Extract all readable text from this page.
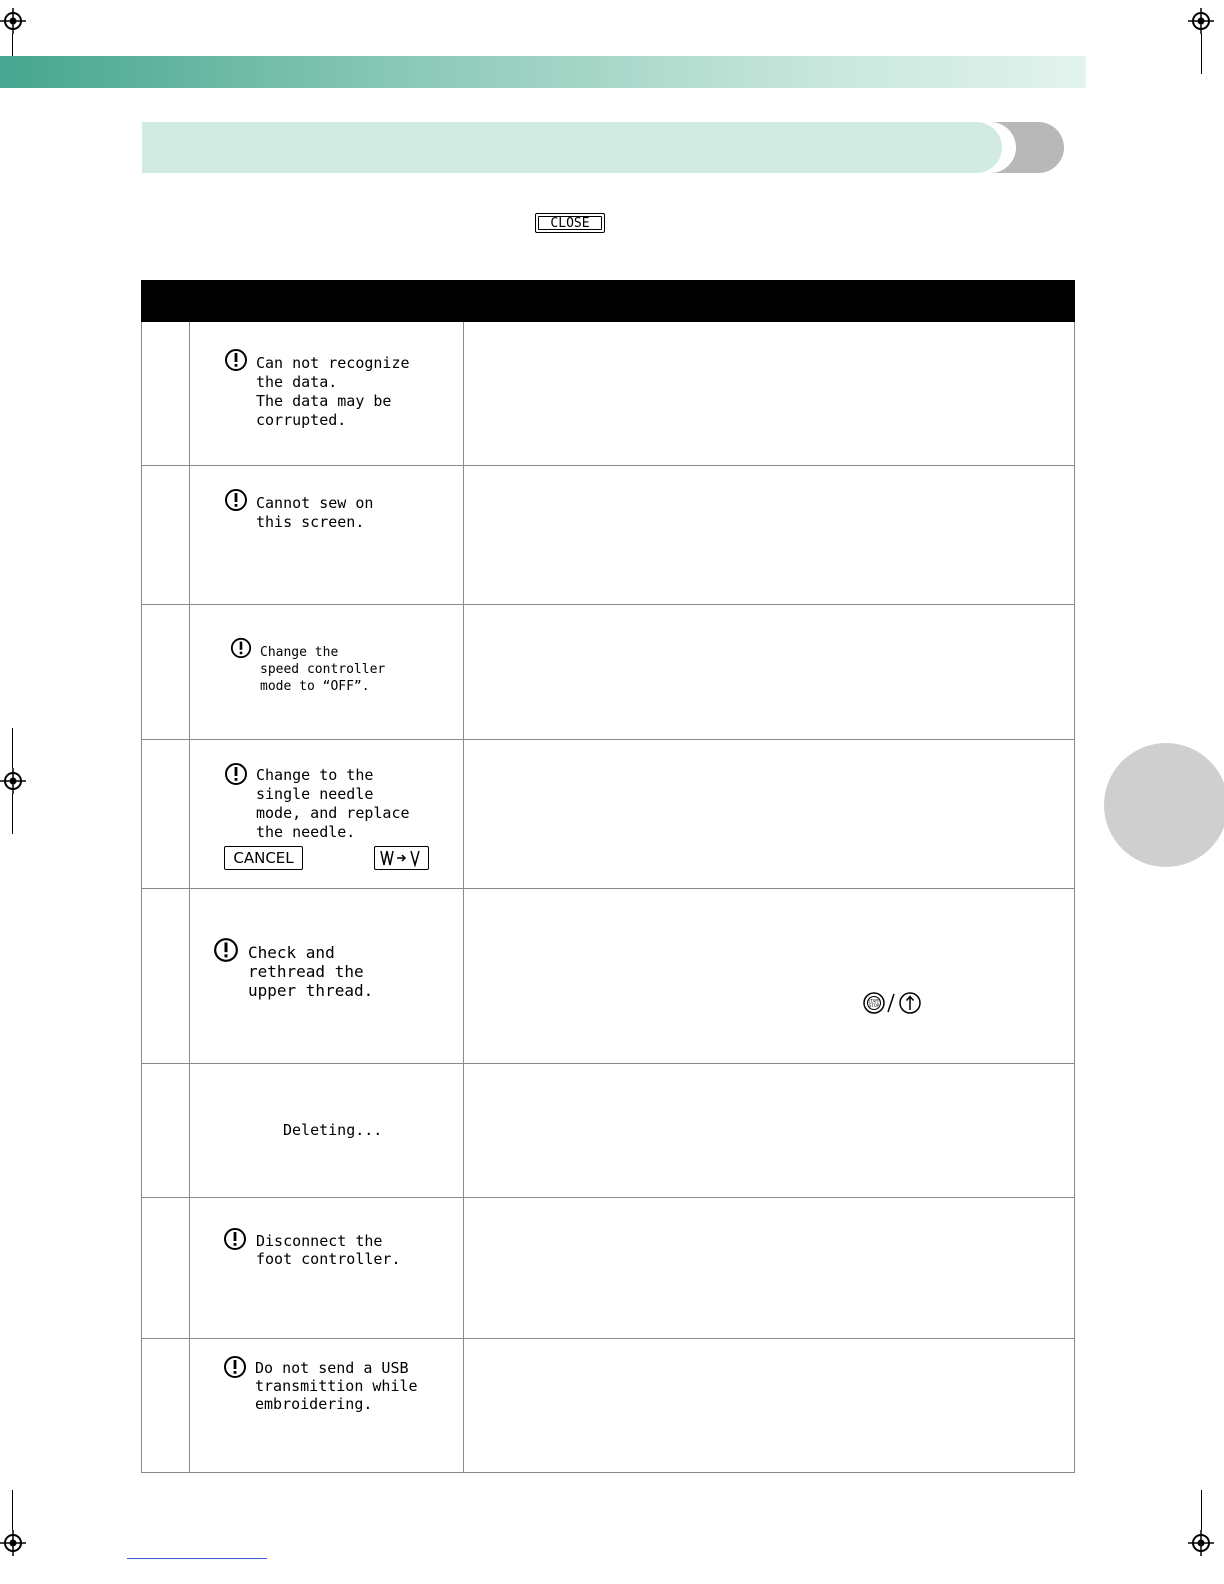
CLOSE

	Can not recognize
the data.
The data may be
corrupted.	

	Cannot sew on
this screen.	

	Change the
speed controller
mode to “OFF”.	

	Change to the
single needle
mode, and replace
the needle.
CANCEL	

	Check and
rethread the
upper thread.	

	Deleting...	

	Disconnect the
foot controller.	

	Do not send a USB
transmittion while
embroidering.	

START
STOP
